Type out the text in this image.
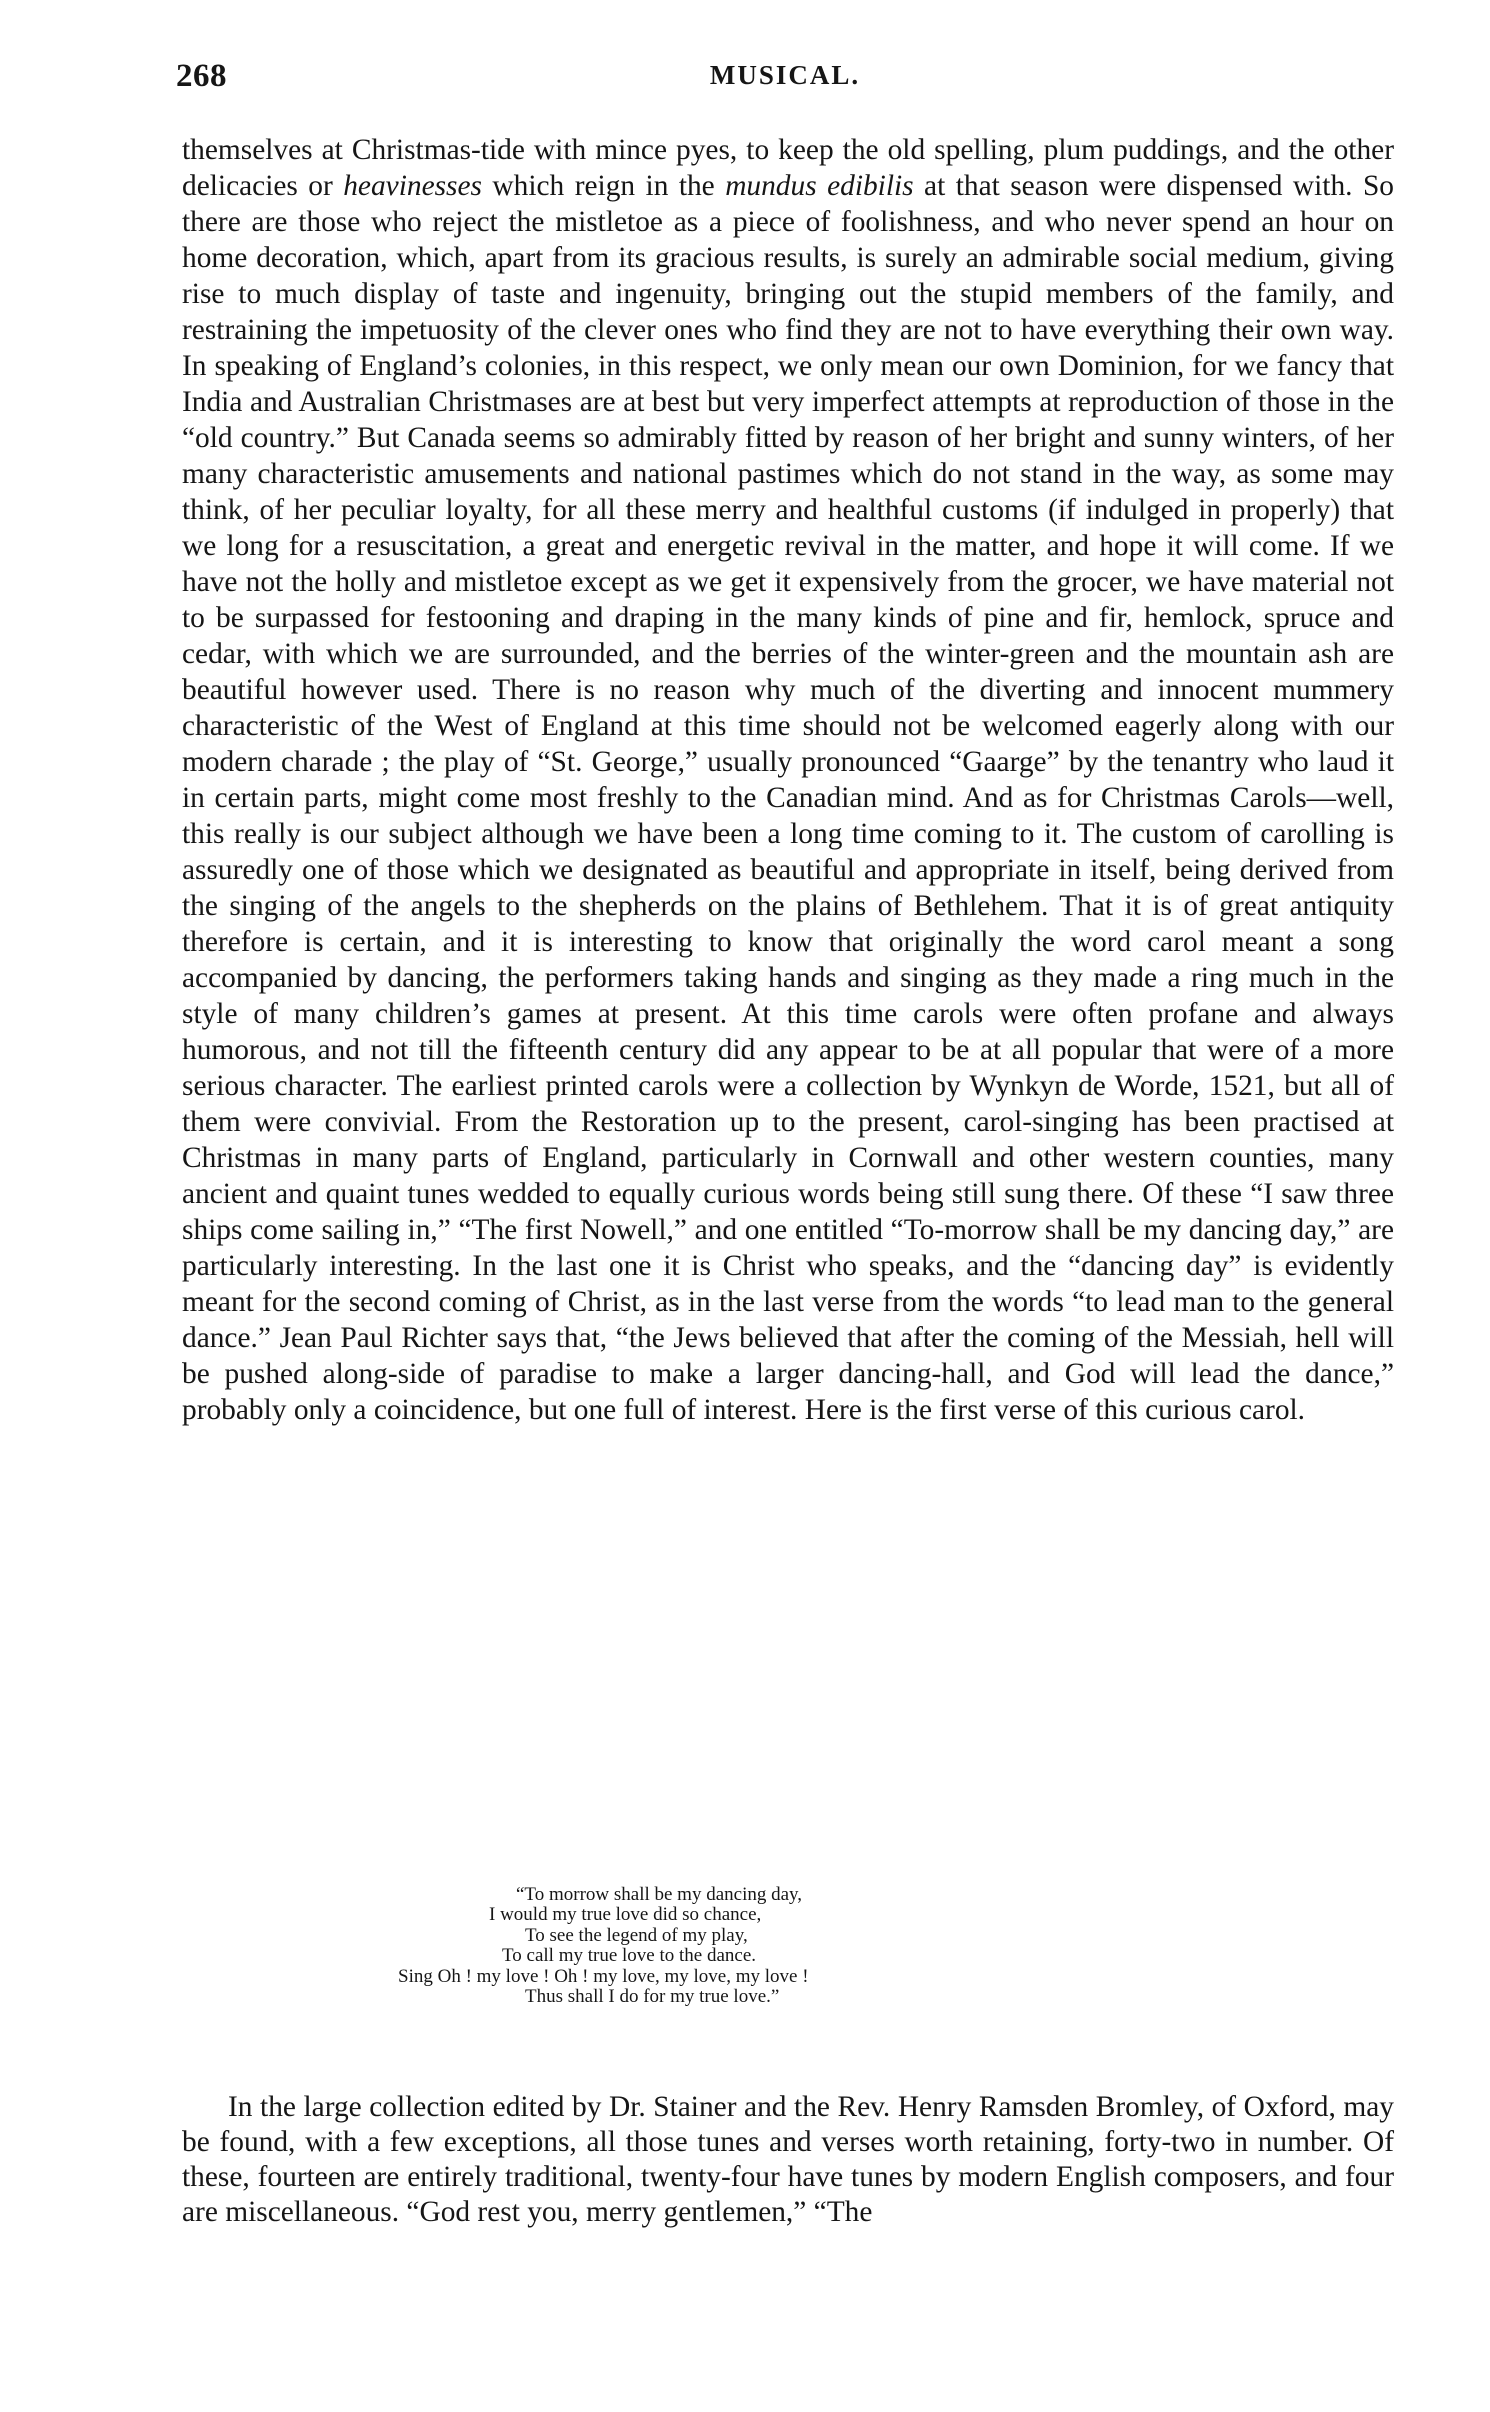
268	MUSICAL.

themselves at Christmas-tide with mince pyes, to keep the old spelling, plum puddings, and the other delicacies or heavinesses which reign in the mundus edibilis at that season were dispensed with. So there are those who reject the mistletoe as a piece of foolishness, and who never spend an hour on home decoration, which, apart from its gracious results, is surely an admirable social medium, giving rise to much display of taste and ingenuity, bringing out the stupid members of the family, and restraining the impetuosity of the clever ones who find they are not to have everything their own way. In speaking of England’s colonies, in this respect, we only mean our own Dominion, for we fancy that India and Australian Christmases are at best but very imperfect attempts at reproduction of those in the “old country.” But Canada seems so admirably fitted by reason of her bright and sunny winters, of her many characteristic amusements and national pastimes which do not stand in the way, as some may think, of her peculiar loyalty, for all these merry and healthful customs (if indulged in properly) that we long for a resuscitation, a great and energetic revival in the matter, and hope it will come. If we have not the holly and mistletoe except as we get it expensively from the grocer, we have material not to be surpassed for festooning and draping in the many kinds of pine and fir, hemlock, spruce and cedar, with which we are surrounded, and the berries of the winter-green and the mountain ash are beautiful however used. There is no reason why much of the diverting and innocent mummery characteristic of the West of England at this time should not be welcomed eagerly along with our modern charade ; the play of “St. George,” usually pronounced “Gaarge” by the tenantry who laud it in certain parts, might come most freshly to the Canadian mind. And as for Christmas Carols—well, this really is our subject although we have been a long time coming to it. The custom of carolling is assuredly one of those which we designated as beautiful and appropriate in itself, being derived from the singing of the angels to the shepherds on the plains of Bethlehem. That it is of great antiquity therefore is certain, and it is interesting to know that originally the word carol meant a song accompanied by dancing, the performers taking hands and singing as they made a ring much in the style of many children’s games at present. At this time carols were often profane and always humorous, and not till the fifteenth century did any appear to be at all popular that were of a more serious character. The earliest printed carols were a collection by Wynkyn de Worde, 1521, but all of them were convivial. From the Restoration up to the present, carol-singing has been practised at Christmas in many parts of England, particularly in Cornwall and other western counties, many ancient and quaint tunes wedded to equally curious words being still sung there. Of these “I saw three ships come sailing in,” “The first Nowell,” and one entitled “To-morrow shall be my dancing day,” are particularly interesting. In the last one it is Christ who speaks, and the “dancing day” is evidently meant for the second coming of Christ, as in the last verse from the words “to lead man to the general dance.” Jean Paul Richter says that, “the Jews believed that after the coming of the Messiah, hell will be pushed along-side of paradise to make a larger dancing-hall, and God will lead the dance,” probably only a coincidence, but one full of interest. Here is the first verse of this curious carol.

“To morrow shall be my dancing day,
I would my true love did so chance,
To see the legend of my play,
To call my true love to the dance.
Sing Oh ! my love ! Oh ! my love, my love, my love !
Thus shall I do for my true love.”

In the large collection edited by Dr. Stainer and the Rev. Henry Ramsden Bromley, of Oxford, may be found, with a few exceptions, all those tunes and verses worth retaining, forty-two in number. Of these, fourteen are entirely traditional, twenty-four have tunes by modern English composers, and four are miscellaneous. “God rest you, merry gentlemen,” “The
